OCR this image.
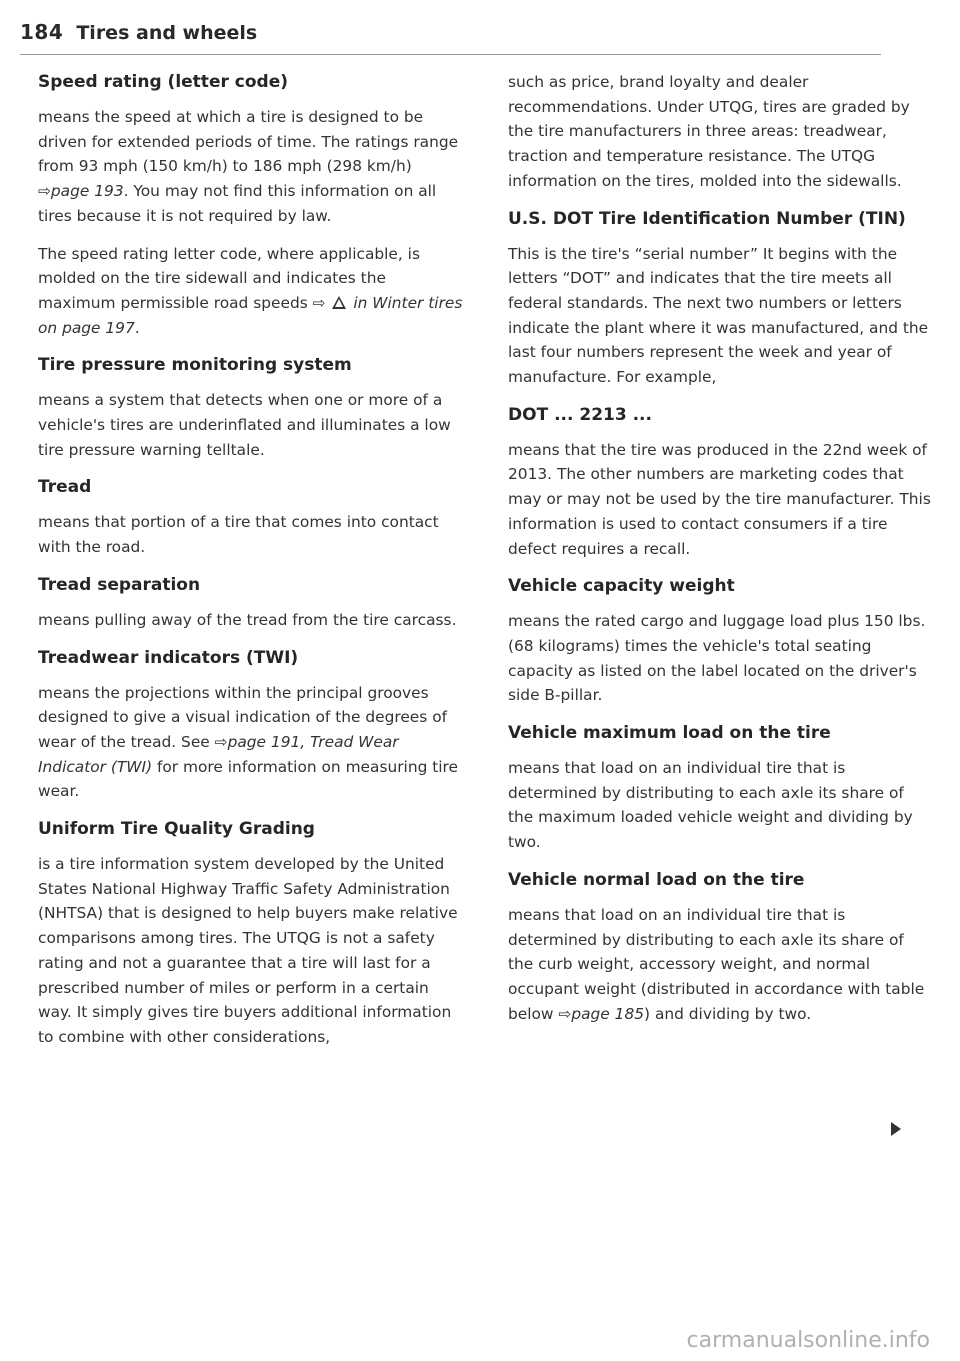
184 Tires and wheels
Speed rating (letter code)

means the speed at which a tire is designed to be driven for extended periods of time. The ratings range from 93 mph (150 km/h) to 186 mph (298 km/h) ⇨page 193. You may not find this information on all tires because it is not required by law.

The speed rating letter code, where applicable, is molded on the tire sidewall and indicates the maximum permissible road speeds ⇨ in Winter tires on page 197.

Tire pressure monitoring system

means a system that detects when one or more of a vehicle's tires are underinflated and illuminates a low tire pressure warning telltale.

Tread

means that portion of a tire that comes into contact with the road.

Tread separation

means pulling away of the tread from the tire carcass.

Treadwear indicators (TWI)

means the projections within the principal grooves designed to give a visual indication of the degrees of wear of the tread. See ⇨page 191, Tread Wear Indicator (TWI) for more information on measuring tire wear.

Uniform Tire Quality Grading

is a tire information system developed by the United States National Highway Traffic Safety Administration (NHTSA) that is designed to help buyers make relative comparisons among tires. The UTQG is not a safety rating and not a guarantee that a tire will last for a prescribed number of miles or perform in a certain way. It simply gives tire buyers additional information to combine with other considerations,

such as price, brand loyalty and dealer recommendations. Under UTQG, tires are graded by the tire manufacturers in three areas: treadwear, traction and temperature resistance. The UTQG information on the tires, molded into the sidewalls.

U.S. DOT Tire Identification Number (TIN)

This is the tire's “serial number” It begins with the letters “DOT” and indicates that the tire meets all federal standards. The next two numbers or letters indicate the plant where it was manufactured, and the last four numbers represent the week and year of manufacture. For example,

DOT ... 2213 ...

means that the tire was produced in the 22nd week of 2013. The other numbers are marketing codes that may or may not be used by the tire manufacturer. This information is used to contact consumers if a tire defect requires a recall.

Vehicle capacity weight

means the rated cargo and luggage load plus 150 lbs. (68 kilograms) times the vehicle's total seating capacity as listed on the label located on the driver's side B-pillar.

Vehicle maximum load on the tire

means that load on an individual tire that is determined by distributing to each axle its share of the maximum loaded vehicle weight and dividing by two.

Vehicle normal load on the tire

means that load on an individual tire that is determined by distributing to each axle its share of the curb weight, accessory weight, and normal occupant weight (distributed in accordance with table below ⇨page 185) and dividing by two.

carmanualsonline.info
